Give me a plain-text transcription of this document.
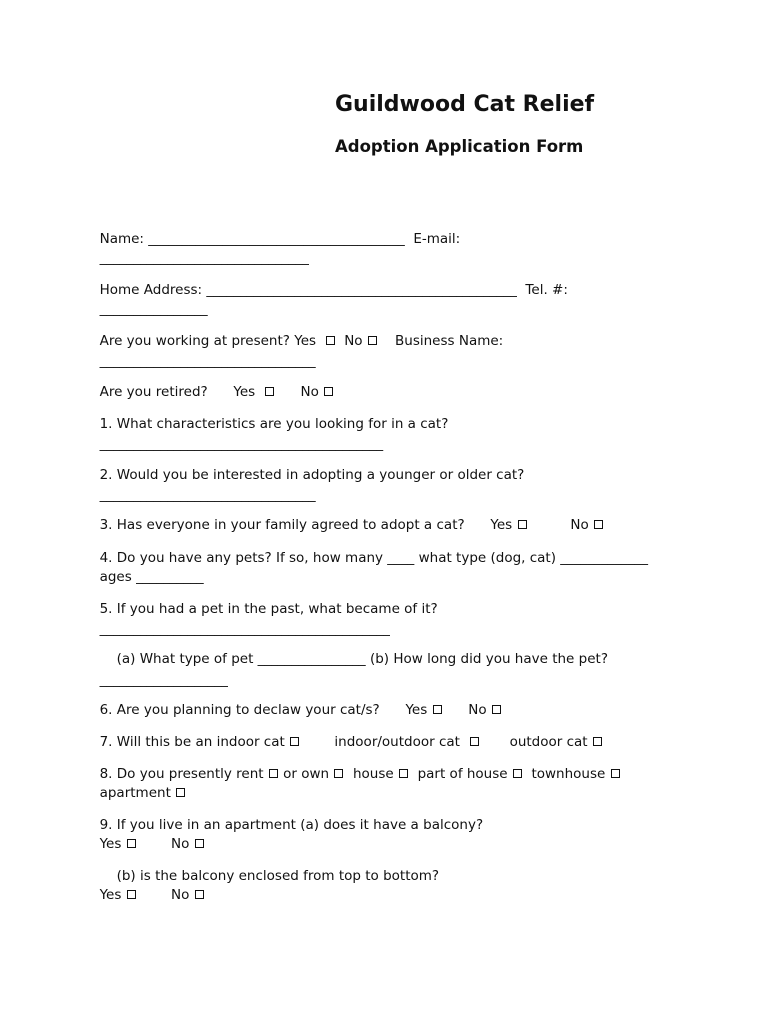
Guildwood Cat Relief
Adoption Application Form

Name: ______________________________________  E-mail:

_______________________________

Home Address: ______________________________________________  Tel. #:

________________

Are you working at present? Yes    No     Business Name:

________________________________

Are you retired?      Yes        No

1. What characteristics are you looking for in a cat?

__________________________________________

2. Would you be interested in adopting a younger or older cat?

________________________________

3. Has everyone in your family agreed to adopt a cat?      Yes           No

4. Do you have any pets? If so, how many ____ what type (dog, cat) _____________

ages __________

5. If you had a pet in the past, what became of it?

___________________________________________

(a) What type of pet ________________ (b) How long did you have the pet?

___________________

6. Are you planning to declaw your cat/s?      Yes       No

7. Will this be an indoor cat         indoor/outdoor cat         outdoor cat

8. Do you presently rent  or own   house   part of house   townhouse

apartment

9. If you live in an apartment (a) does it have a balcony?

Yes         No

(b) is the balcony enclosed from top to bottom?

Yes         No
